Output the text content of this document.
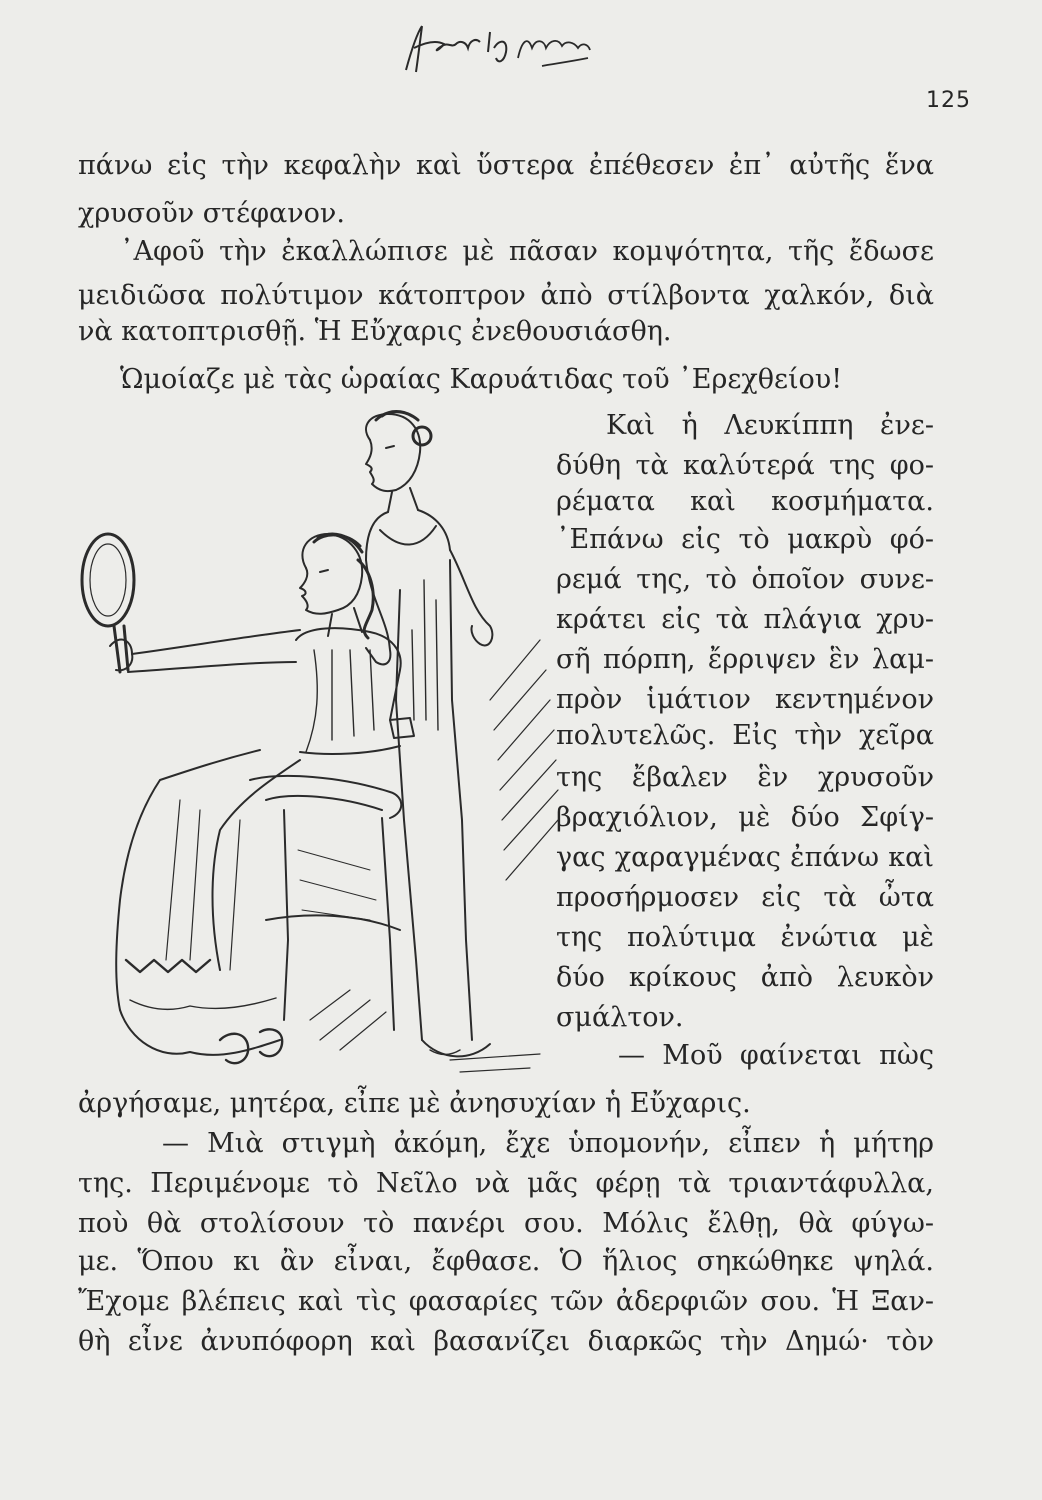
125
πάνω εἰς τὴν κεφαλὴν καὶ ὕστερα ἐπέθεσεν ἐπ᾽ αὐτῆς ἕνα
χρυσοῦν στέφανον.
᾽Αφοῦ τὴν ἐκαλλώπισε μὲ πᾶσαν κομψότητα, τῆς ἔδωσε
μειδιῶσα πολύτιμον κάτοπτρον ἀπὸ στίλβοντα χαλκόν, διὰ
νὰ κατοπτρισθῇ. Ἡ Εὔχαρις ἐνεθουσιάσθη.
Ὡμοίαζε μὲ τὰς ὡραίας Καρυάτιδας τοῦ ᾽Ερεχθείου!
Καὶ ἡ Λευκίππη ἐνε-
δύθη τὰ καλύτερά της φο-
ρέματα καὶ κοσμήματα.
᾽Επάνω εἰς τὸ μακρὺ φό-
ρεμά της, τὸ ὁποῖον συνε-
κράτει εἰς τὰ πλάγια χρυ-
σῆ πόρπη, ἔρριψεν ἓν λαμ-
πρὸν ἱμάτιον κεντημένον
πολυτελῶς. Εἰς τὴν χεῖρα
της ἔβαλεν ἓν χρυσοῦν
βραχιόλιον, μὲ δύο Σφίγ-
γας χαραγμένας ἐπάνω καὶ
προσήρμοσεν εἰς τὰ ὦτα
της πολύτιμα ἐνώτια μὲ
δύο κρίκους ἀπὸ λευκὸν
σμάλτον.
— Μοῦ φαίνεται πὼς
ἀργήσαμε, μητέρα, εἶπε μὲ ἀνησυχίαν ἡ Εὔχαρις.
— Μιὰ στιγμὴ ἀκόμη, ἔχε ὑπομονήν, εἶπεν ἡ μήτηρ
της. Περιμένομε τὸ Νεῖλο νὰ μᾶς φέρῃ τὰ τριαντάφυλλα,
ποὺ θὰ στολίσουν τὸ πανέρι σου. Μόλις ἔλθῃ, θὰ φύγω-
με. Ὅπου κι ἂν εἶναι, ἔφθασε. Ὁ ἥλιος σηκώθηκε ψηλά.
Ἔχομε βλέπεις καὶ τὶς φασαρίες τῶν ἀδερφιῶν σου. Ἡ Ξαν-
θὴ εἶνε ἀνυπόφορη καὶ βασανίζει διαρκῶς τὴν Δημώ· τὸν
